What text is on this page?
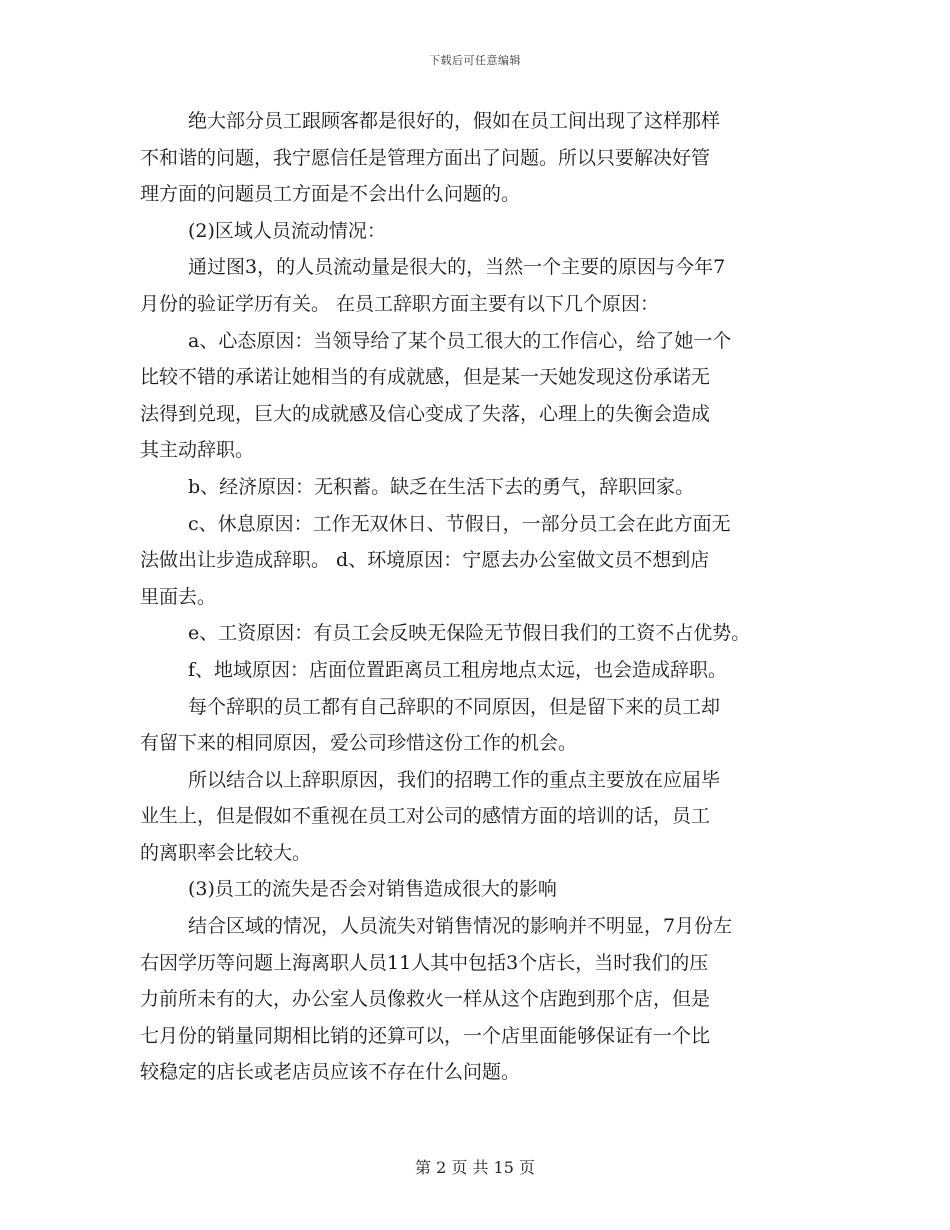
下载后可任意编辑
绝大部分员工跟顾客都是很好的，假如在员工间出现了这样那样
不和谐的问题，我宁愿信任是管理方面出了问题。所以只要解决好管
理方面的问题员工方面是不会出什么问题的。
(2)区域人员流动情况：
通过图3，的人员流动量是很大的，当然一个主要的原因与今年7
月份的验证学历有关。 在员工辞职方面主要有以下几个原因：
a、心态原因：当领导给了某个员工很大的工作信心，给了她一个
比较不错的承诺让她相当的有成就感，但是某一天她发现这份承诺无
法得到兑现，巨大的成就感及信心变成了失落，心理上的失衡会造成
其主动辞职。
b、经济原因：无积蓄。缺乏在生活下去的勇气，辞职回家。
c、休息原因：工作无双休日、节假日，一部分员工会在此方面无
法做出让步造成辞职。 d、环境原因：宁愿去办公室做文员不想到店
里面去。
e、工资原因：有员工会反映无保险无节假日我们的工资不占优势。
f、地域原因：店面位置距离员工租房地点太远，也会造成辞职。
每个辞职的员工都有自己辞职的不同原因，但是留下来的员工却
有留下来的相同原因，爱公司珍惜这份工作的机会。
所以结合以上辞职原因，我们的招聘工作的重点主要放在应届毕
业生上，但是假如不重视在员工对公司的感情方面的培训的话，员工
的离职率会比较大。
(3)员工的流失是否会对销售造成很大的影响
结合区域的情况，人员流失对销售情况的影响并不明显，7月份左
右因学历等问题上海离职人员11人其中包括3个店长，当时我们的压
力前所未有的大，办公室人员像救火一样从这个店跑到那个店，但是
七月份的销量同期相比销的还算可以，一个店里面能够保证有一个比
较稳定的店长或老店员应该不存在什么问题。
第 2 页 共 15 页
